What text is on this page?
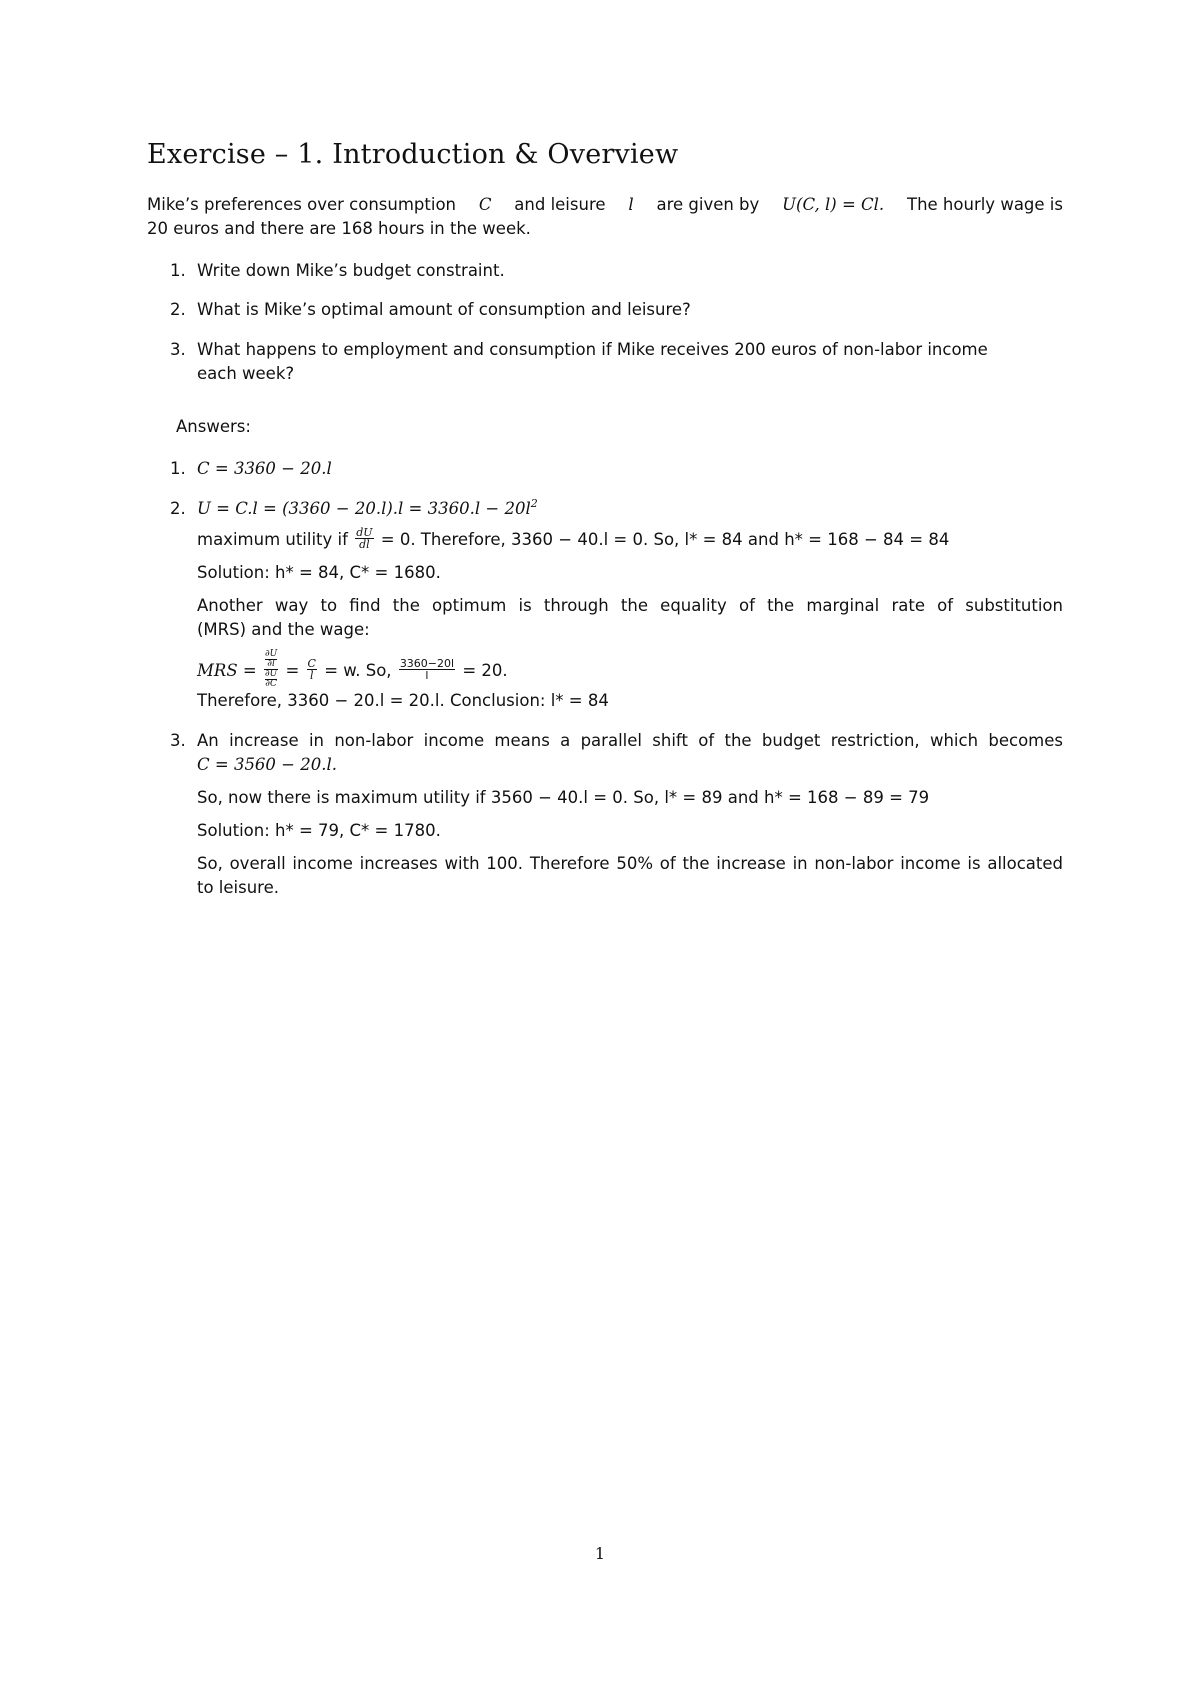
Exercise – 1. Introduction & Overview
Mike’s preferences over consumption C and leisure l are given by U(C, l) = Cl. The hourly wage is
20 euros and there are 168 hours in the week.
1. Write down Mike’s budget constraint.
2. What is Mike’s optimal amount of consumption and leisure?
3. What happens to employment and consumption if Mike receives 200 euros of non-labor income
each week?
Answers:
1. C = 3360 − 20.l
2. $U = C.l = (3360 - 20.l).l = 3360.l - 20l^2$
maximum utility if $\frac{dU}{dl} = 0$. Therefore, 3360 − 40.l = 0. So, l* = 84 and h* = 168 − 84 = 84
Solution: h* = 84, C* = 1680.
Another way to find the optimum is through the equality of the marginal rate of substitution
(MRS) and the wage:
MRS = ∂U
∂l
∂U
$\partial C = \frac{C}{l} = w$. So, $\frac{3360-20l}{l} = 20$.
Therefore, 3360 − 20.l = 20.l. Conclusion: l* = 84
3. An increase in non-labor income means a parallel shift of the budget restriction, which becomes
C = 3560 − 20.l.
So, now there is maximum utility if 3560 − 40.l = 0. So, l* = 89 and h* = 168 − 89 = 79
Solution: h* = 79, C* = 1780.
So, overall income increases with 100. Therefore 50% of the increase in non-labor income is allocated
to leisure.
1
